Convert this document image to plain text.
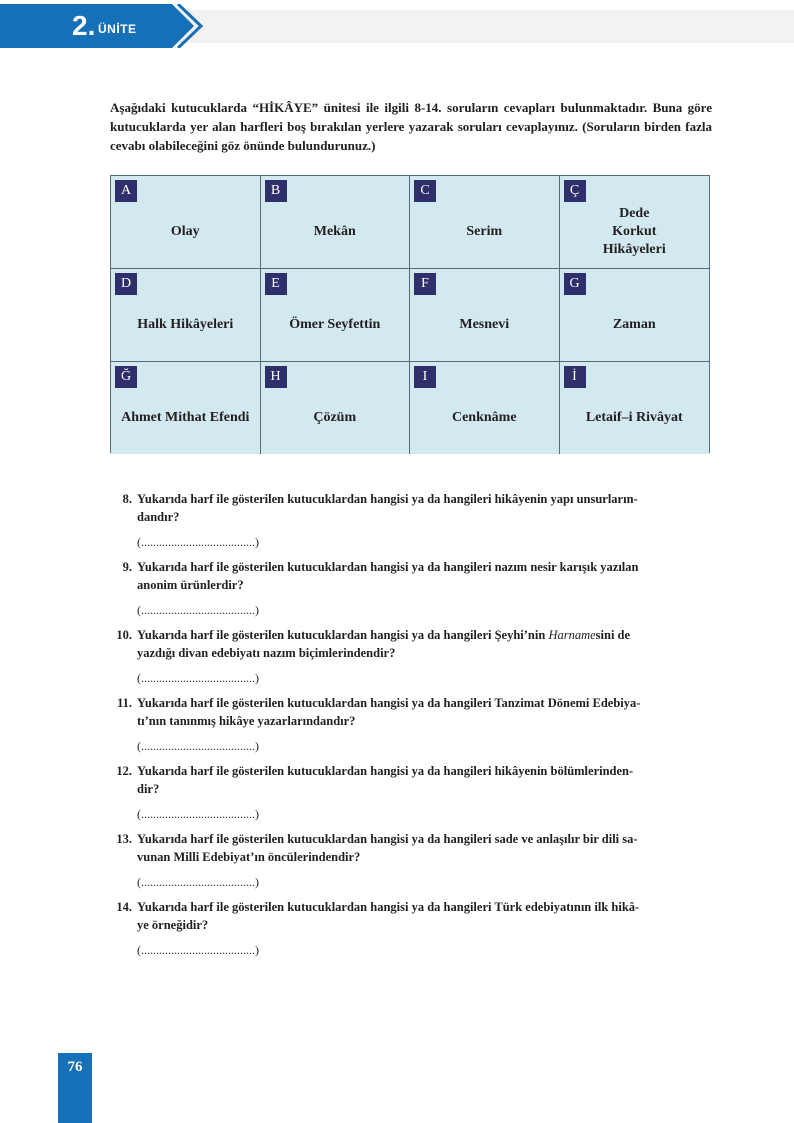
2. ÜNİTE

Aşağıdaki kutucuklarda “HİKÂYE” ünitesi ile ilgili 8-14. soruların cevapları bulunmaktadır. Buna göre kutucuklarda yer alan harfleri boş bırakılan yerlere yazarak soruları cevaplayınız. (Soruların birden fazla cevabı olabileceğini göz önünde bulundurunuz.)

A
Olay
B
Mekân
C
Serim
Ç
Dede
Korkut
Hikâyeleri
D
Halk Hikâyeleri
E
Ömer Seyfettin
F
Mesnevi
G
Zaman
Ğ
Ahmet Mithat Efendi
H
Çözüm
I
Cenknâme
İ
Letaif–i Rivâyat
8. Yukarıda harf ile gösterilen kutucuklardan hangisi ya da hangileri hikâyenin yapı unsurların-
dandır?
(......................................)
9. Yukarıda harf ile gösterilen kutucuklardan hangisi ya da hangileri nazım nesir karışık yazılan
anonim ürünlerdir?
(......................................)
10. Yukarıda harf ile gösterilen kutucuklardan hangisi ya da hangileri Şeyhi’nin Harnamesini de
yazdığı divan edebiyatı nazım biçimlerindendir?
(......................................)
11. Yukarıda harf ile gösterilen kutucuklardan hangisi ya da hangileri Tanzimat Dönemi Edebiya-
tı’nın tanınmış hikâye yazarlarındandır?
(......................................)
12. Yukarıda harf ile gösterilen kutucuklardan hangisi ya da hangileri hikâyenin bölümlerinden-
dir?
(......................................)
13. Yukarıda harf ile gösterilen kutucuklardan hangisi ya da hangileri sade ve anlaşılır bir dili sa-
vunan Milli Edebiyat’ın öncülerindendir?
(......................................)
14. Yukarıda harf ile gösterilen kutucuklardan hangisi ya da hangileri Türk edebiyatının ilk hikâ-
ye örneğidir?
(......................................)
76
